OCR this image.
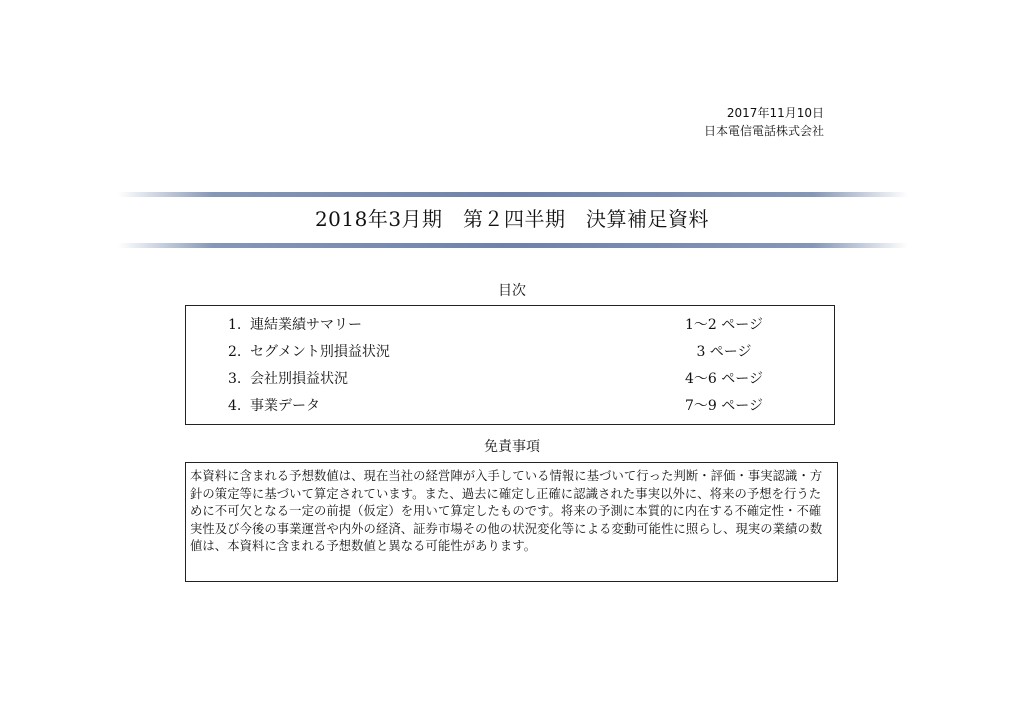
2017年11月10日
日本電信電話株式会社
2018年3月期　第２四半期　決算補足資料
目次
1. 連結業績サマリー	1～2 ページ
2. セグメント別損益状況	3 ページ
3. 会社別損益状況	4～6 ページ
4. 事業データ	7～9 ページ
免責事項
本資料に含まれる予想数値は、現在当社の経営陣が入手している情報に基づいて行った判断・評価・事実認識・方針の策定等に基づいて算定されています。また、過去に確定し正確に認識された事実以外に、将来の予想を行うために不可欠となる一定の前提（仮定）を用いて算定したものです。将来の予測に本質的に内在する不確定性・不確実性及び今後の事業運営や内外の経済、証券市場その他の状況変化等による変動可能性に照らし、現実の業績の数値は、本資料に含まれる予想数値と異なる可能性があります。
